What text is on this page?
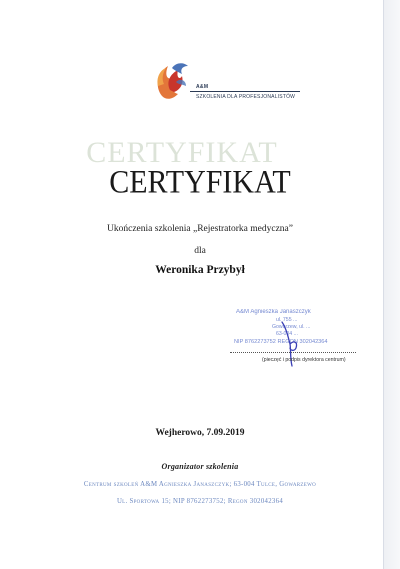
A&M
SZKOLENIA DLA PROFESJONALISTÓW
CERTYFIKAT
CERTYFIKAT
Ukończenia szkolenia „Rejestratorka medyczna”
dla
Weronika Przybył
A&M Agnieszka Janaszczyk
ul. 755 ...
Gowarzew, ul. ...
63-004 ...
NIP 8762273752 REGON 302042364
(pieczęć i podpis dyrektora centrum)
Wejherowo, 7.09.2019
Organizator szkolenia
Centrum szkoleń A&M Agnieszka Janaszczyk; 63-004 Tulce, Gowarzewo
Ul. Sportowa 15; NIP 8762273752; Regon 302042364
